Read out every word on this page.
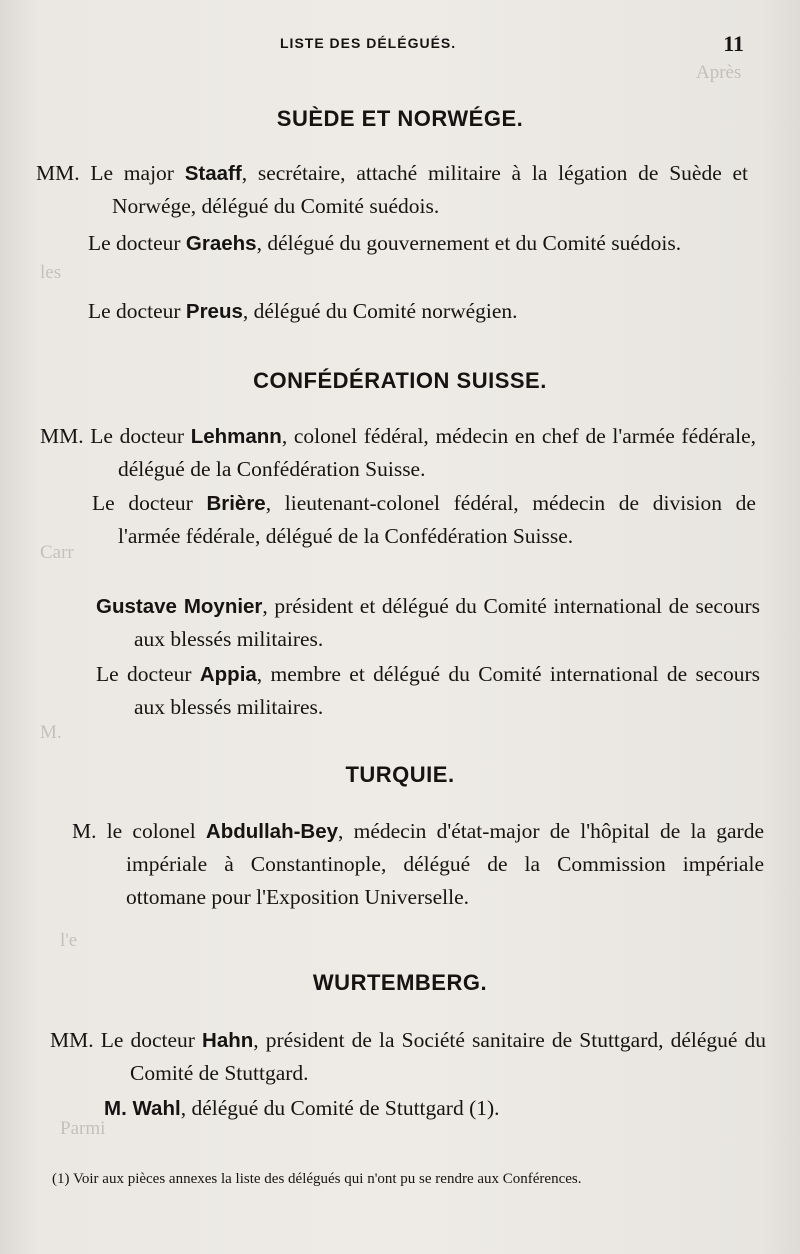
Après
les
Carr
M.
l'e
Parmi
LISTE DES DÉLÉGUÉS.	11
SUÈDE ET NORWÉGE.
MM. Le major Staaff, secrétaire, attaché militaire à la légation de Suède et Norwége, délégué du Comité suédois.
Le docteur Graehs, délégué du gouvernement et du Comité suédois.
Le docteur Preus, délégué du Comité norwégien.
CONFÉDÉRATION SUISSE.
MM. Le docteur Lehmann, colonel fédéral, médecin en chef de l'armée fédérale, délégué de la Confédération Suisse.
Le docteur Brière, lieutenant-colonel fédéral, médecin de division de l'armée fédérale, délégué de la Confédération Suisse.
Gustave Moynier, président et délégué du Comité international de secours aux blessés militaires.
Le docteur Appia, membre et délégué du Comité international de secours aux blessés militaires.
TURQUIE.
M. le colonel Abdullah-Bey, médecin d'état-major de l'hôpital de la garde impériale à Constantinople, délégué de la Commission impériale ottomane pour l'Exposition Universelle.
WURTEMBERG.
MM. Le docteur Hahn, président de la Société sanitaire de Stuttgard, délégué du Comité de Stuttgard.
M. Wahl, délégué du Comité de Stuttgard (1).
(1) Voir aux pièces annexes la liste des délégués qui n'ont pu se rendre aux Conférences.
